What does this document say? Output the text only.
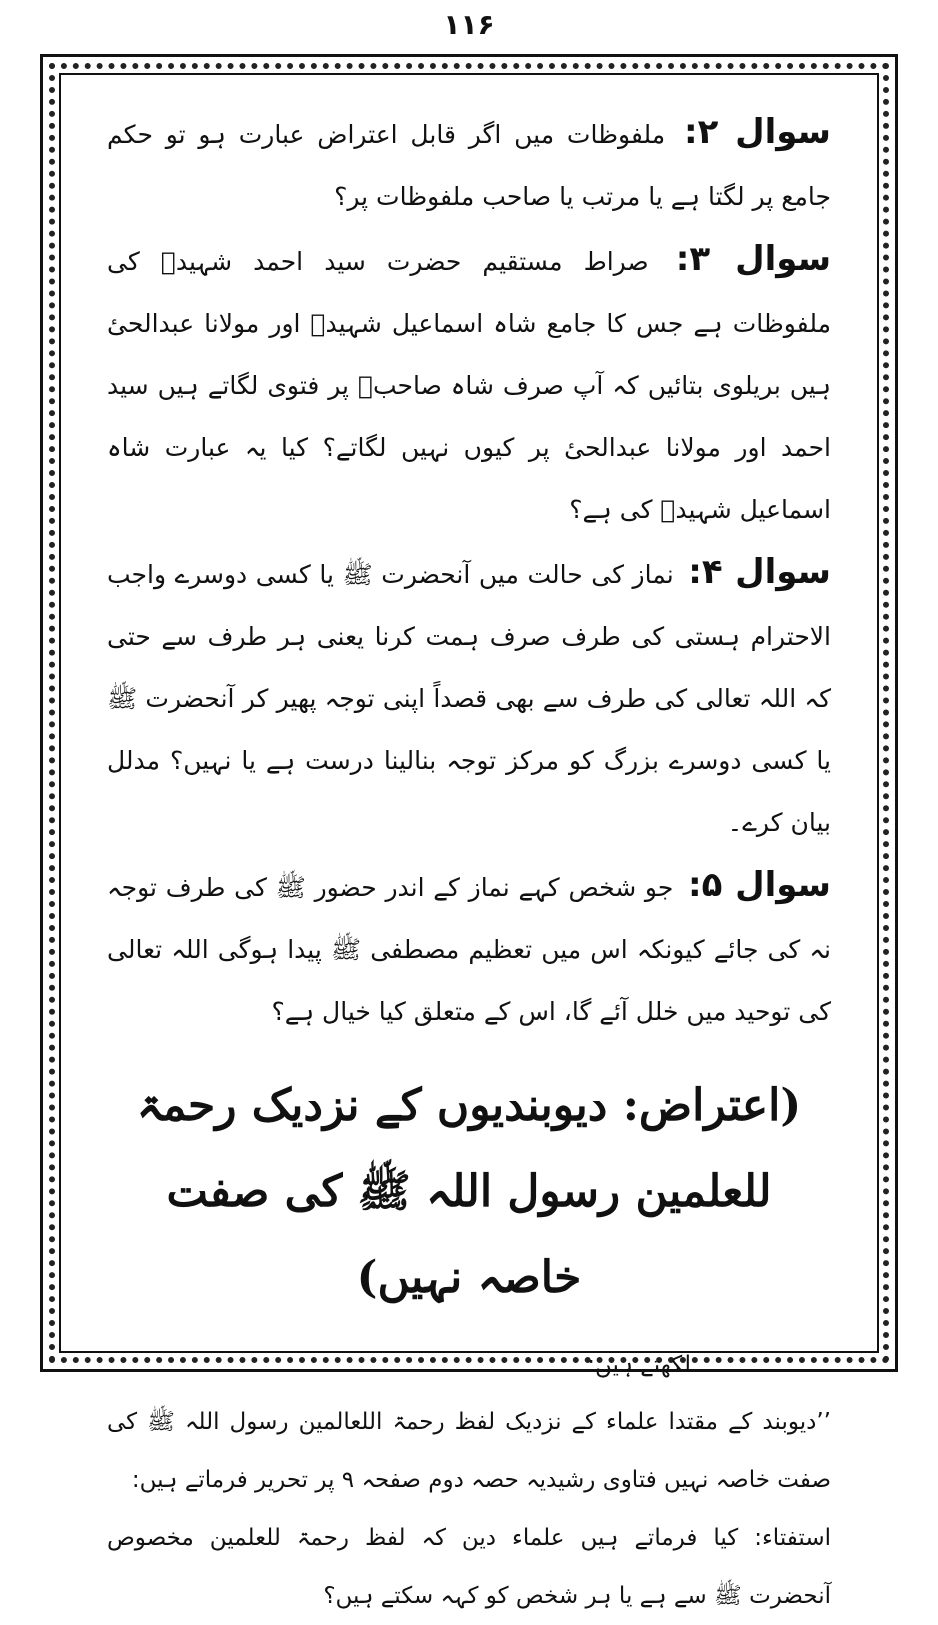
۱۱۶

سوال ۲: ملفوظات میں اگر قابل اعتراض عبارت ہو تو حکم جامع پر لگتا ہے یا مرتب یا صاحب ملفوظات پر؟

سوال ۳: صراط مستقیم حضرت سید احمد شہیدؒ کی ملفوظات ہے جس کا جامع شاہ اسماعیل شہیدؒ اور مولانا عبدالحیٔ ہیں بریلوی بتائیں کہ آپ صرف شاہ صاحبؒ پر فتوی لگاتے ہیں سید احمد اور مولانا عبدالحیٔ پر کیوں نہیں لگاتے؟ کیا یہ عبارت شاہ اسماعیل شہیدؒ کی ہے؟

سوال ۴: نماز کی حالت میں آنحضرت ﷺ یا کسی دوسرے واجب الاحترام ہستی کی طرف صرف ہمت کرنا یعنی ہر طرف سے حتی کہ اللہ تعالی کی طرف سے بھی قصداً اپنی توجہ پھیر کر آنحضرت ﷺ یا کسی دوسرے بزرگ کو مرکز توجہ بنالینا درست ہے یا نہیں؟ مدلل بیان کرے۔

سوال ۵: جو شخص کہے نماز کے اندر حضور ﷺ کی طرف توجہ نہ کی جائے کیونکہ اس میں تعظیم مصطفی ﷺ پیدا ہوگی اللہ تعالی کی توحید میں خلل آئے گا، اس کے متعلق کیا خیال ہے؟

(اعتراض: دیوبندیوں کے نزدیک رحمۃ للعلمین رسول اللہ ﷺ کی صفت خاصہ نہیں)

لکھتے ہیں:

’’دیوبند کے مقتدا علماء کے نزدیک لفظ رحمۃ اللعالمین رسول اللہ ﷺ کی صفت خاصہ نہیں فتاوی رشیدیہ حصہ دوم صفحہ ۹ پر تحریر فرماتے ہیں:

استفتاء: کیا فرماتے ہیں علماء دین کہ لفظ رحمۃ للعلمین مخصوص آنحضرت ﷺ سے ہے یا ہر شخص کو کہہ سکتے ہیں؟
